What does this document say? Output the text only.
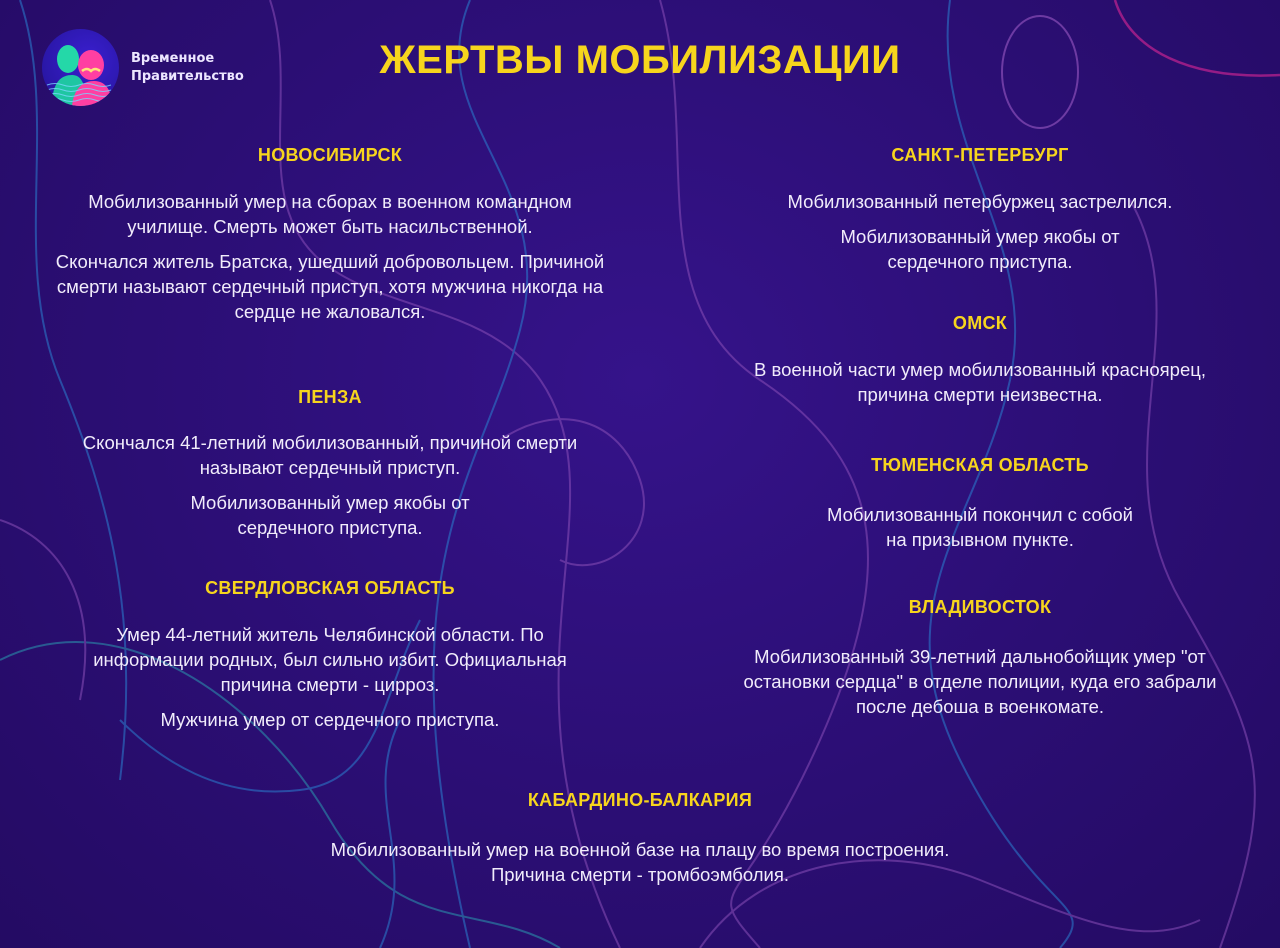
Временное
Правительство	ЖЕРТВЫ МОБИЛИЗАЦИИ
НОВОСИБИРСК

Мобилизованный умер на сборах в военном командном училище. Смерть может быть насильственной.

Скончался житель Братска, ушедший добровольцем. Причиной смерти называют сердечный приступ, хотя мужчина никогда на сердце не жаловался.

ПЕНЗА

Скончался 41-летний мобилизованный, причиной смерти называют сердечный приступ.

Мобилизованный умер якобы от сердечного приступа.

СВЕРДЛОВСКАЯ ОБЛАСТЬ

Умер 44-летний житель Челябинской области. По информации родных, был сильно избит. Официальная причина смерти - цирроз.

Мужчина умер от сердечного приступа.

САНКТ-ПЕТЕРБУРГ

Мобилизованный петербуржец застрелился.

Мобилизованный умер якобы от сердечного приступа.

ОМСК

В военной части умер мобилизованный красноярец, причина смерти неизвестна.

ТЮМЕНСКАЯ ОБЛАСТЬ

Мобилизованный покончил с собой на призывном пункте.

ВЛАДИВОСТОК

Мобилизованный 39-летний дальнобойщик умер "от остановки сердца" в отделе полиции, куда его забрали после дебоша в военкомате.

КАБАРДИНО-БАЛКАРИЯ

Мобилизованный умер на военной базе на плацу во время построения. Причина смерти - тромбоэмболия.
